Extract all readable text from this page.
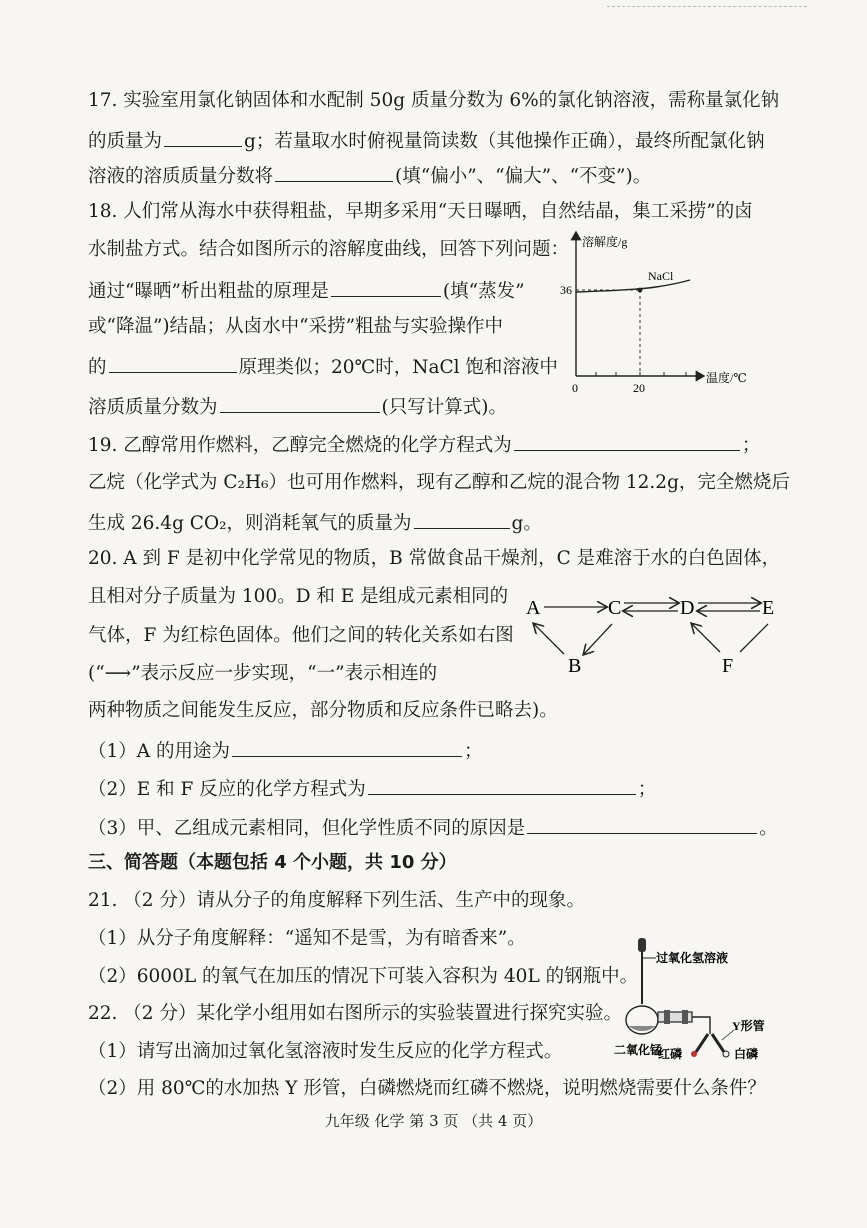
17. 实验室用氯化钠固体和水配制 50g 质量分数为 6%的氯化钠溶液，需称量氯化钠
的质量为	g；若量取水时俯视量筒读数（其他操作正确），最终所配氯化钠
溶液的溶质质量分数将	(填“偏小”、“偏大”、“不变”)。
18. 人们常从海水中获得粗盐，早期多采用“天日曝晒，自然结晶，集工采捞”的卤
水制盐方式。结合如图所示的溶解度曲线，回答下列问题：
通过“曝晒”析出粗盐的原理是	(填“蒸发”
或“降温”)结晶；从卤水中“采捞”粗盐与实验操作中
的	原理类似；20℃时，NaCl 饱和溶液中
溶质质量分数为	(只写计算式)。
溶解度/g
温度/℃
NaCl
36
0	20
19. 乙醇常用作燃料，乙醇完全燃烧的化学方程式为	；
乙烷（化学式为 C₂H₆）也可用作燃料，现有乙醇和乙烷的混合物 12.2g，完全燃烧后
生成 26.4g CO₂，则消耗氧气的质量为	g。
20. A 到 F 是初中化学常见的物质，B 常做食品干燥剂，C 是难溶于水的白色固体，
且相对分子质量为 100。D 和 E 是组成元素相同的
气体，F 为红棕色固体。他们之间的转化关系如右图
(“⟶”表示反应一步实现，“一”表示相连的
两种物质之间能发生反应，部分物质和反应条件已略去)。
A	C	D	E
B	F
（1）A 的用途为	；
（2）E 和 F 反应的化学方程式为	；
（3）甲、乙组成元素相同，但化学性质不同的原因是	。
三、简答题（本题包括 4 个小题，共 10 分）
21. （2 分）请从分子的角度解释下列生活、生产中的现象。
（1）从分子角度解释：“遥知不是雪，为有暗香来”。
（2）6000L 的氧气在加压的情况下可装入容积为 40L 的钢瓶中。
22. （2 分）某化学小组用如右图所示的实验装置进行探究实验。
（1）请写出滴加过氧化氢溶液时发生反应的化学方程式。
（2）用 80℃的水加热 Y 形管，白磷燃烧而红磷不燃烧，说明燃烧需要什么条件？
过氧化氢溶液
二氧化锰
Y形管
红磷	白磷
九年级 化学 第 3 页 （共 4 页）
